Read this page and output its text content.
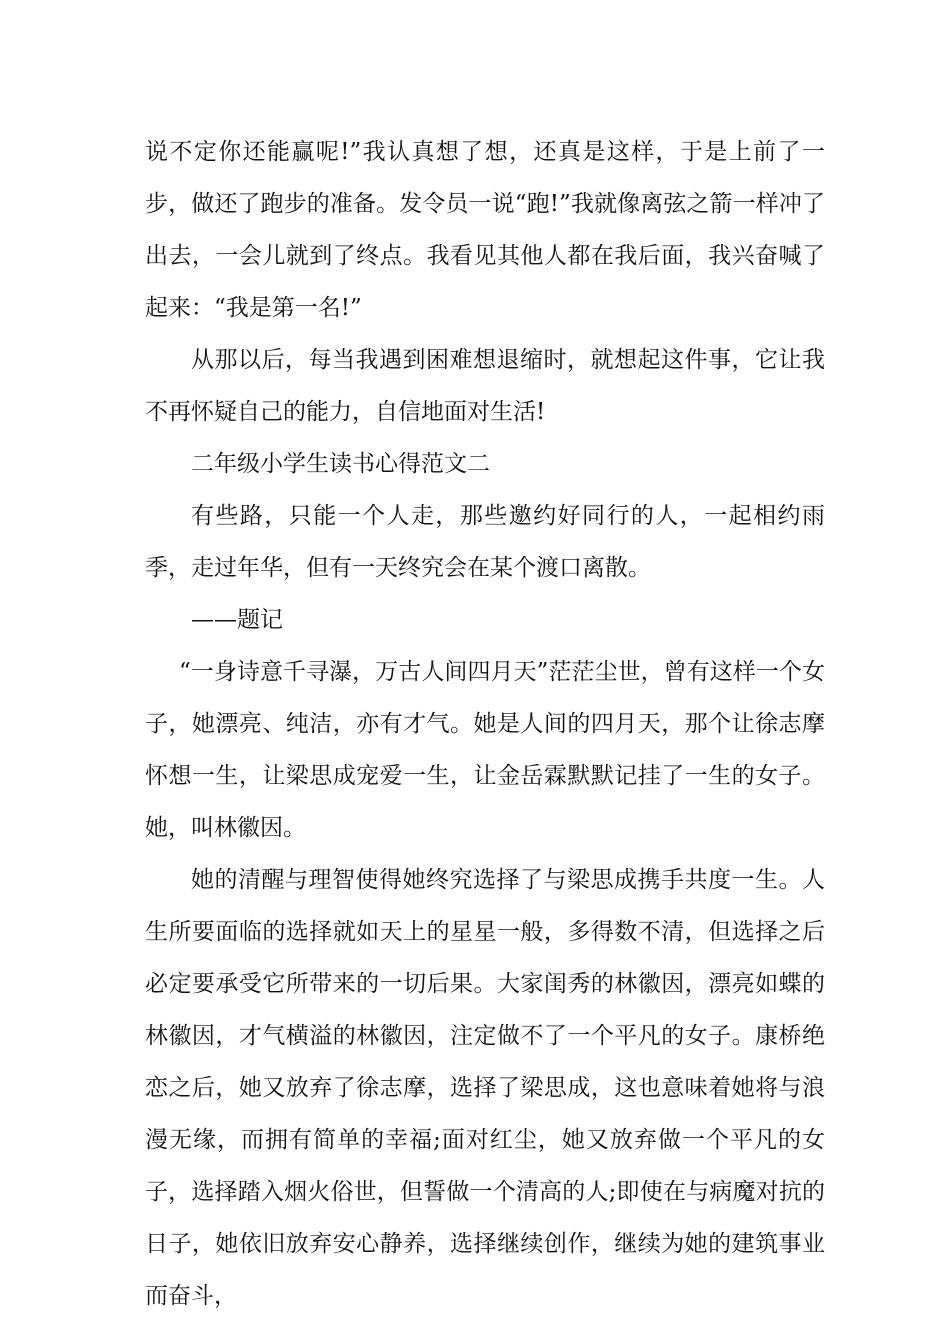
说不定你还能赢呢!”我认真想了想，还真是这样，于是上前了一步，做还了跑步的准备。发令员一说“跑!”我就像离弦之箭一样冲了出去，一会儿就到了终点。我看见其他人都在我后面，我兴奋喊了起来：“我是第一名!”

从那以后，每当我遇到困难想退缩时，就想起这件事，它让我不再怀疑自己的能力，自信地面对生活!

二年级小学生读书心得范文二

有些路，只能一个人走，那些邀约好同行的人，一起相约雨季，走过年华，但有一天终究会在某个渡口离散。

——题记

“一身诗意千寻瀑，万古人间四月天”茫茫尘世，曾有这样一个女子，她漂亮、纯洁，亦有才气。她是人间的四月天，那个让徐志摩怀想一生，让梁思成宠爱一生，让金岳霖默默记挂了一生的女子。她，叫林徽因。

她的清醒与理智使得她终究选择了与梁思成携手共度一生。人生所要面临的选择就如天上的星星一般，多得数不清，但选择之后必定要承受它所带来的一切后果。大家闺秀的林徽因，漂亮如蝶的林徽因，才气横溢的林徽因，注定做不了一个平凡的女子。康桥绝恋之后，她又放弃了徐志摩，选择了梁思成，这也意味着她将与浪漫无缘，而拥有简单的幸福;面对红尘，她又放弃做一个平凡的女子，选择踏入烟火俗世，但誓做一个清高的人;即使在与病魔对抗的日子，她依旧放弃安心静养，选择继续创作，继续为她的建筑事业而奋斗，
